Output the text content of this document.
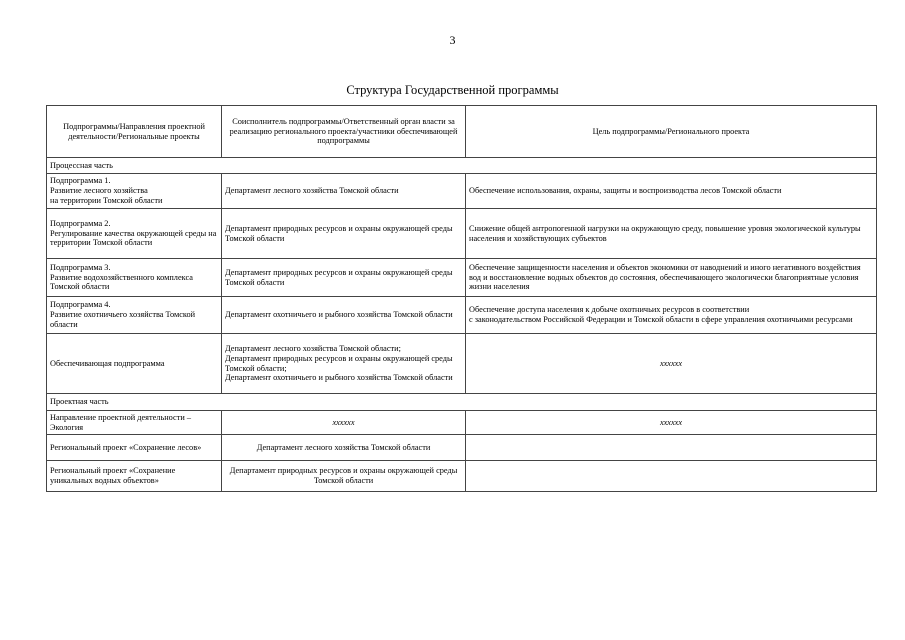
3
Структура Государственной программы
Подпрограммы/Направления проектной деятельности/Региональные проекты	Соисполнитель подпрограммы/Ответственный орган власти за реализацию регионального проекта/участники обеспечивающей подпрограммы	Цель подпрограммы/Регионального проекта
Процессная часть		
Подпрограмма 1.
Развитие лесного хозяйства
на территории Томской области	Департамент лесного хозяйства Томской области	Обеспечение использования, охраны, защиты и воспроизводства лесов Томской области
Подпрограмма 2.
Регулирование качества окружающей среды на территории Томской области	Департамент природных ресурсов и охраны окружающей среды Томской области	Снижение общей антропогенной нагрузки на окружающую среду, повышение уровня экологической культуры населения и хозяйствующих субъектов
Подпрограмма 3.
Развитие водохозяйственного комплекса Томской области	Департамент природных ресурсов и охраны окружающей среды Томской области	Обеспечение защищенности населения и объектов экономики от наводнений и иного негативного воздействия вод и восстановление водных объектов до состояния, обеспечивающего экологически благоприятные условия жизни населения
Подпрограмма 4.
Развитие охотничьего хозяйства Томской области	Департамент охотничьего и рыбного хозяйства Томской области	Обеспечение доступа населения к добыче охотничьих ресурсов в соответствии
с законодательством Российской Федерации и Томской области в сфере управления охотничьими ресурсами
Обеспечивающая подпрограмма	Департамент лесного хозяйства Томской области;
Департамент природных ресурсов и охраны окружающей среды Томской области;
Департамент охотничьего и рыбного хозяйства Томской области	хххххх
Проектная часть		
Направление проектной деятельности –Экология	хххххх	хххххх
Региональный проект «Сохранение лесов»	Департамент лесного хозяйства Томской области	
Региональный проект «Сохранение уникальных водных объектов»	Департамент природных ресурсов и охраны окружающей среды Томской области	
